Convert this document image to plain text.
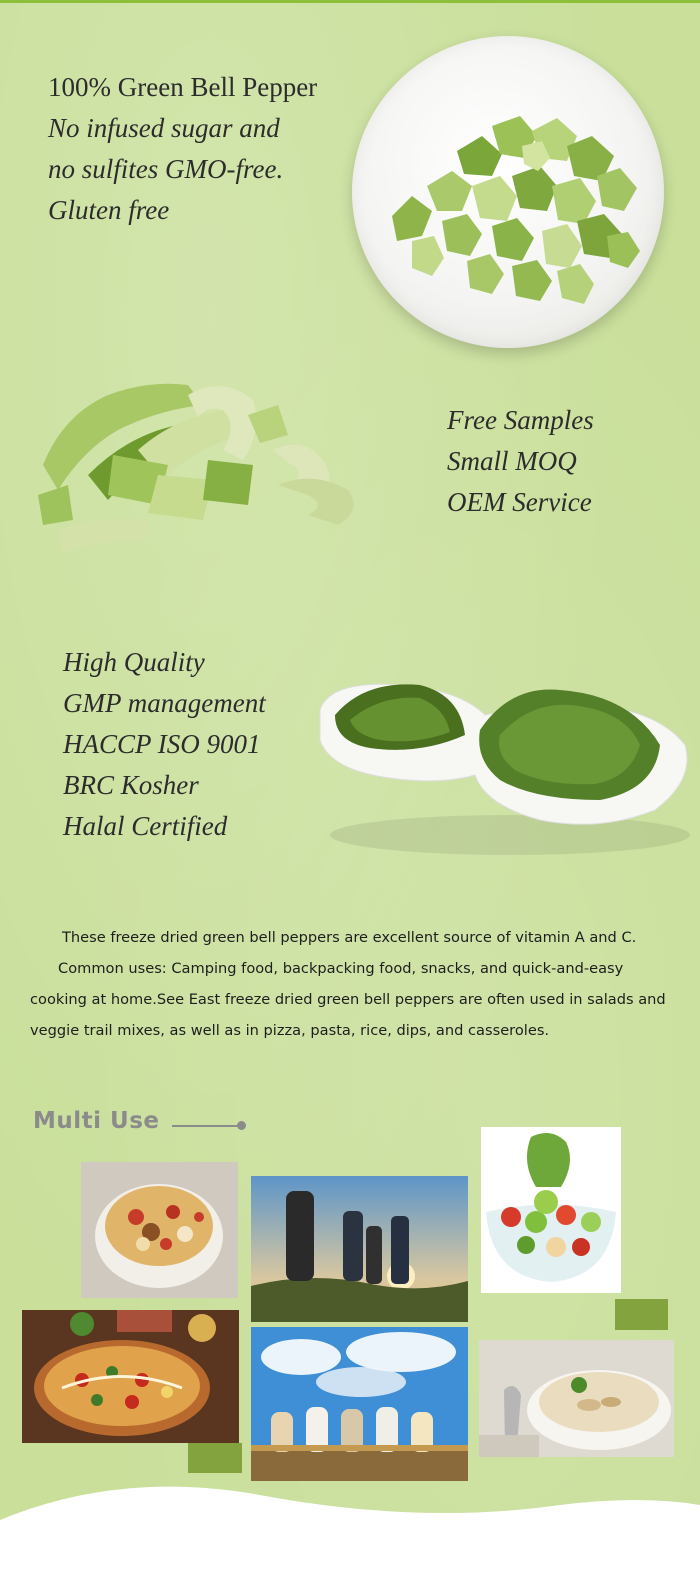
100% Green Bell Pepper
No infused sugar and
no sulfites GMO-free.
Gluten free
Free Samples
Small MOQ
OEM Service
High Quality
GMP management
HACCP ISO 9001
BRC Kosher
Halal Certified

These freeze dried green bell peppers are excellent source of vitamin A and C.

Common uses: Camping food, backpacking food, snacks, and quick-and-easy cooking at home.See East freeze dried green bell peppers are often used in salads and veggie trail mixes, as well as in pizza, pasta, rice, dips, and casseroles.

Multi Use
